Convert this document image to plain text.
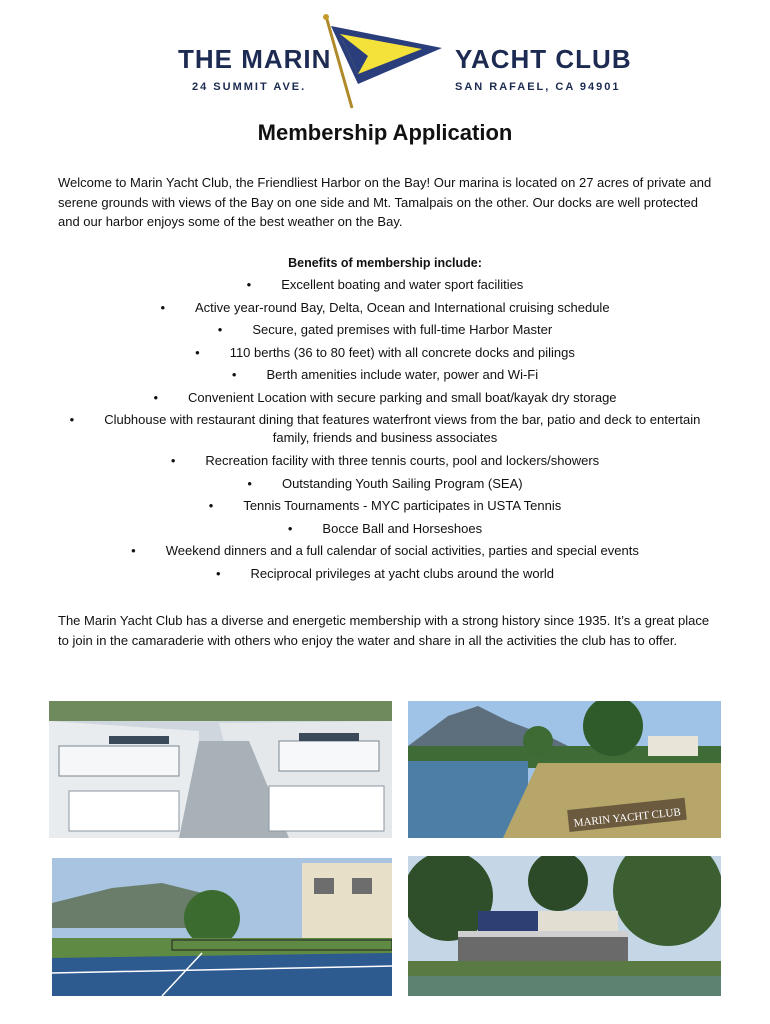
THE MARIN
24 SUMMIT AVE.
YACHT CLUB
SAN RAFAEL, CA 94901
Membership Application

Welcome to Marin Yacht Club, the Friendliest Harbor on the Bay! Our marina is located on 27 acres of private and serene grounds with views of the Bay on one side and Mt. Tamalpais on the other. Our docks are well protected and our harbor enjoys some of the best weather on the Bay.

Benefits of membership include:

• Excellent boating and water sport facilities
• Active year-round Bay, Delta, Ocean and International cruising schedule
• Secure, gated premises with full-time Harbor Master
• 110 berths (36 to 80 feet) with all concrete docks and pilings
• Berth amenities include water, power and Wi-Fi
• Convenient Location with secure parking and small boat/kayak dry storage
• Clubhouse with restaurant dining that features waterfront views from the bar, patio and deck to entertain family, friends and business associates
• Recreation facility with three tennis courts, pool and lockers/showers
• Outstanding Youth Sailing Program (SEA)
• Tennis Tournaments - MYC participates in USTA Tennis
• Bocce Ball and Horseshoes
• Weekend dinners and a full calendar of social activities, parties and special events
• Reciprocal privileges at yacht clubs around the world

The Marin Yacht Club has a diverse and energetic membership with a strong history since 1935. It’s a great place to join in the camaraderie with others who enjoy the water and share in all the activities the club has to offer.

MARIN YACHT CLUB
